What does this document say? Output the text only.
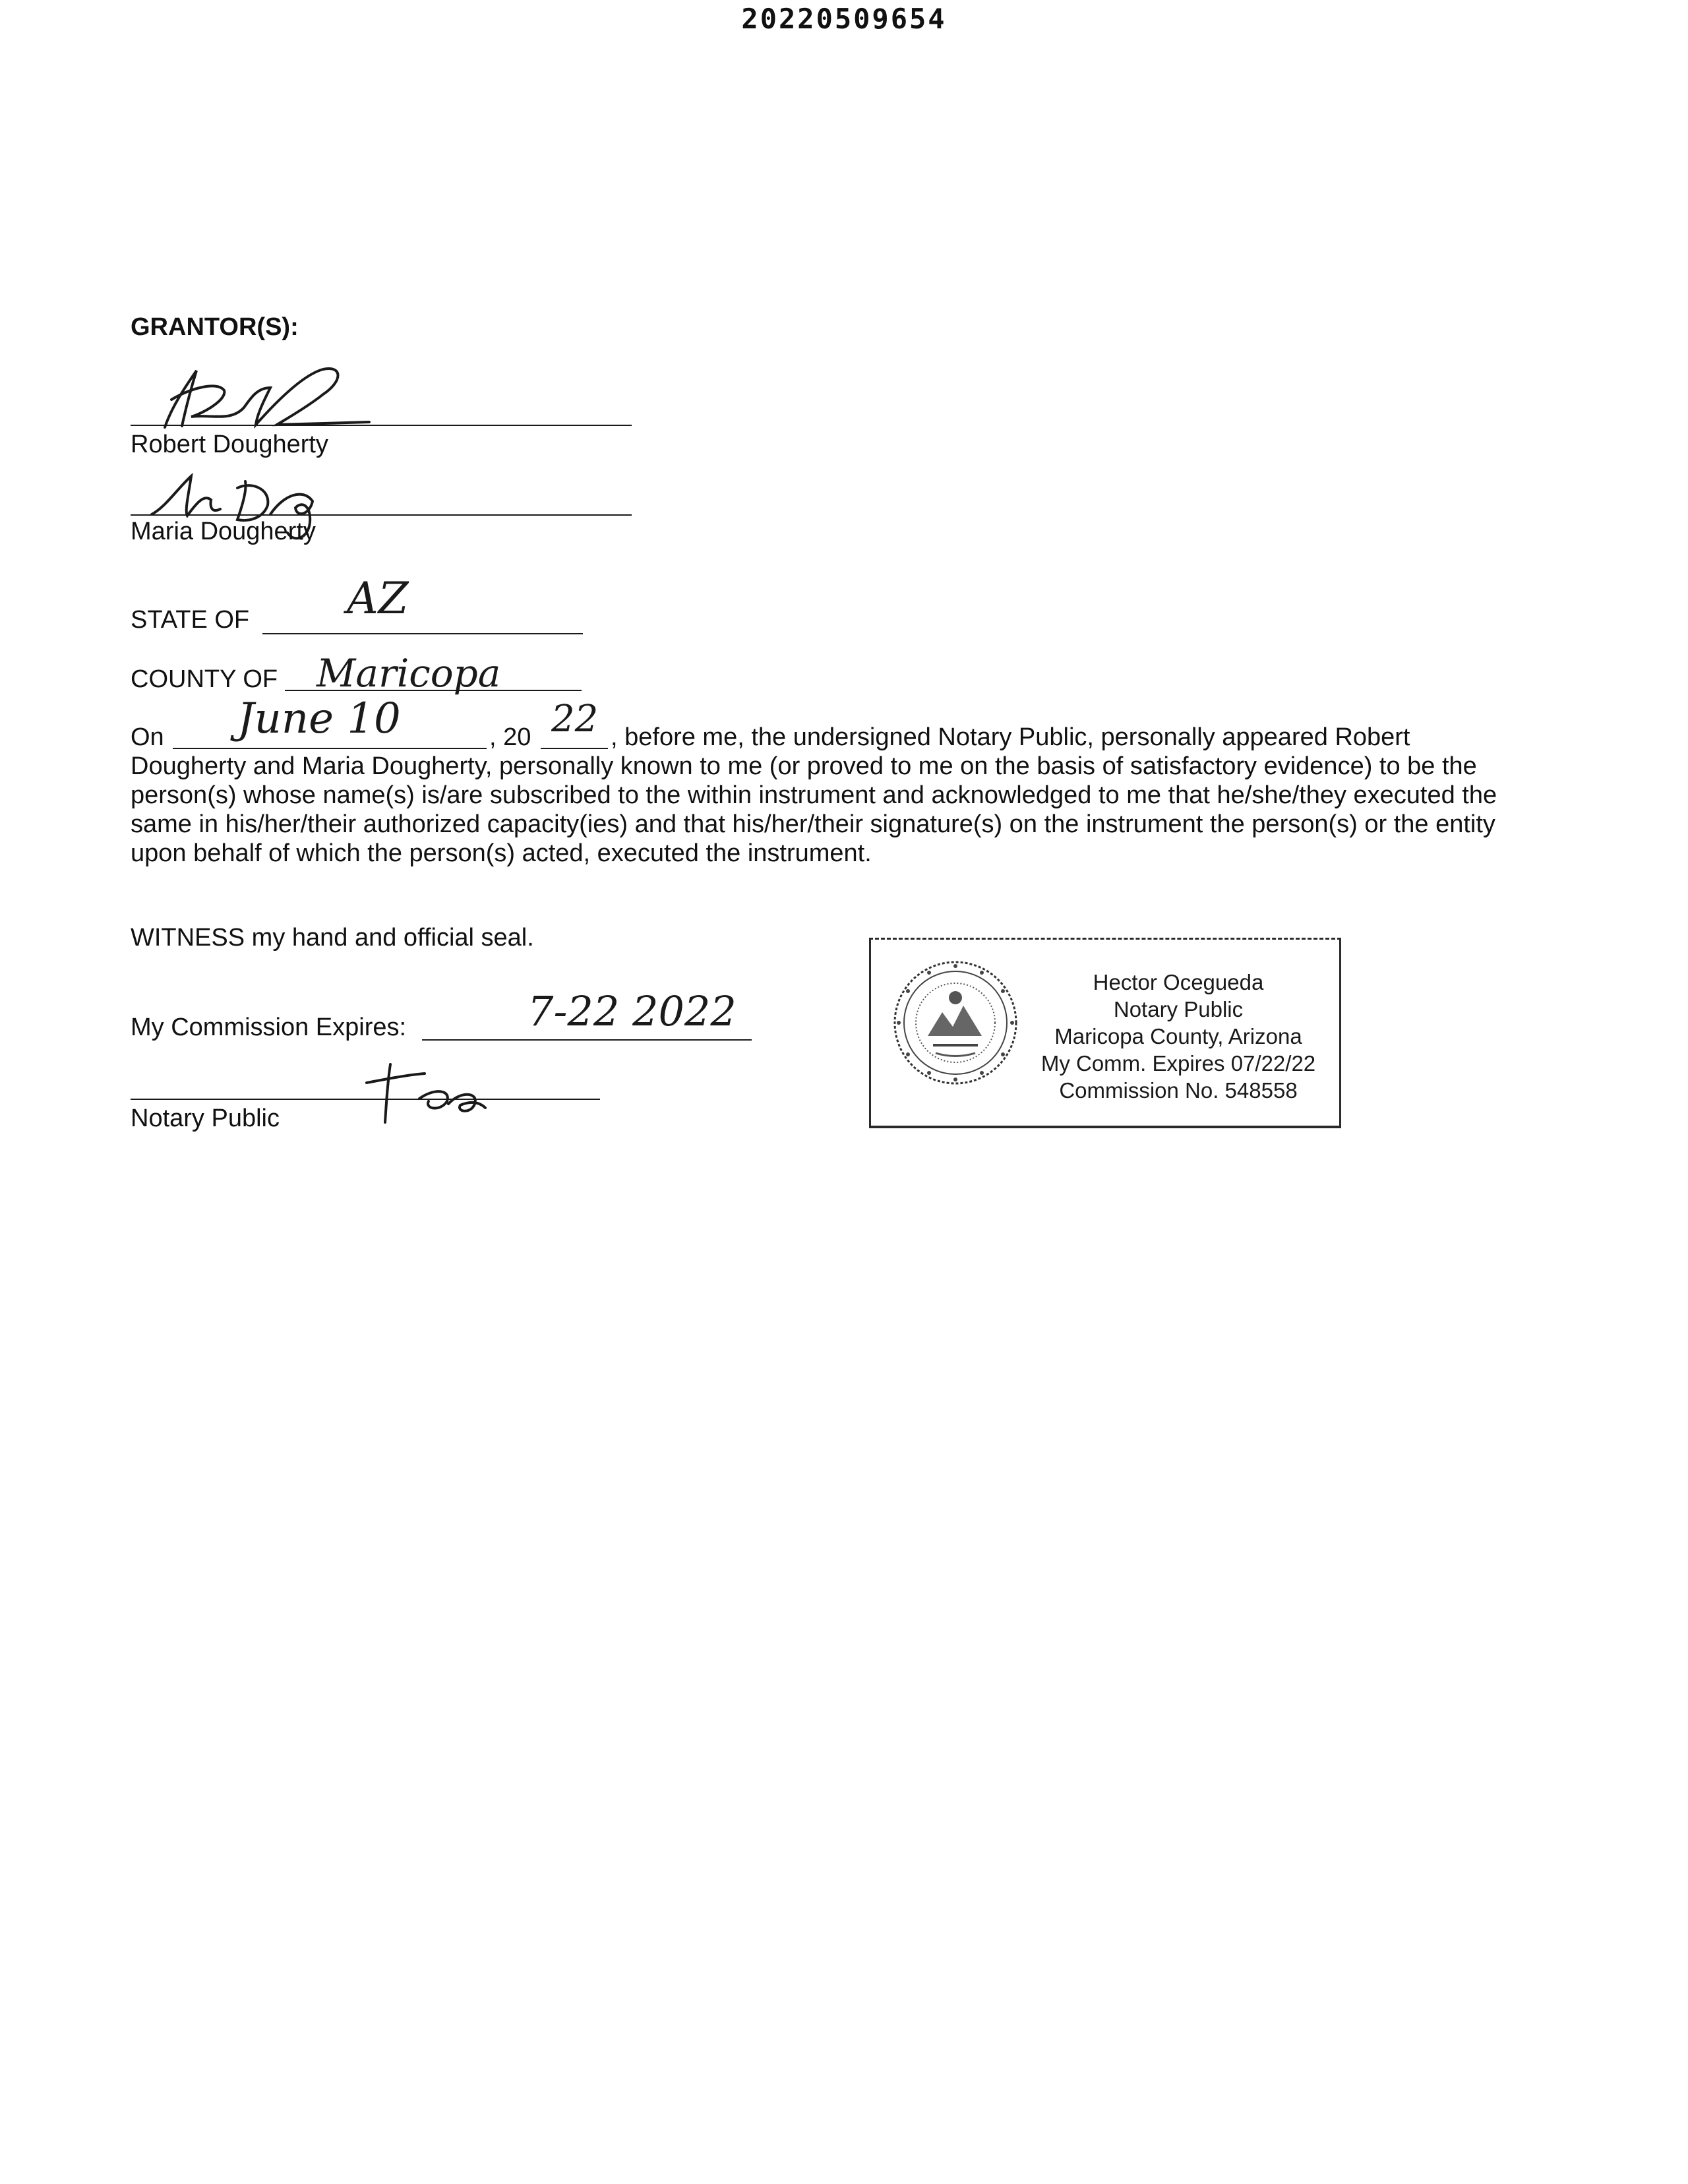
20220509654
GRANTOR(S):
Robert Dougherty
Maria Dougherty
STATE OF AZ
COUNTY OF Maricopa
On June 10	, 20 22 , before me, the undersigned Notary Public, personally appeared Robert
Dougherty and Maria Dougherty, personally known to me (or proved to me on the basis of satisfactory evidence) to be the person(s) whose name(s) is/are subscribed to the within instrument and acknowledged to me that he/she/they executed the same in his/her/their authorized capacity(ies) and that his/her/their signature(s) on the instrument the person(s) or the entity upon behalf of which the person(s) acted, executed the instrument.
WITNESS my hand and official seal.
My Commission Expires:	7-22 2022
Notary Public
Hector Ocegueda
Notary Public
Maricopa County, Arizona
My Comm. Expires 07/22/22
Commission No. 548558
